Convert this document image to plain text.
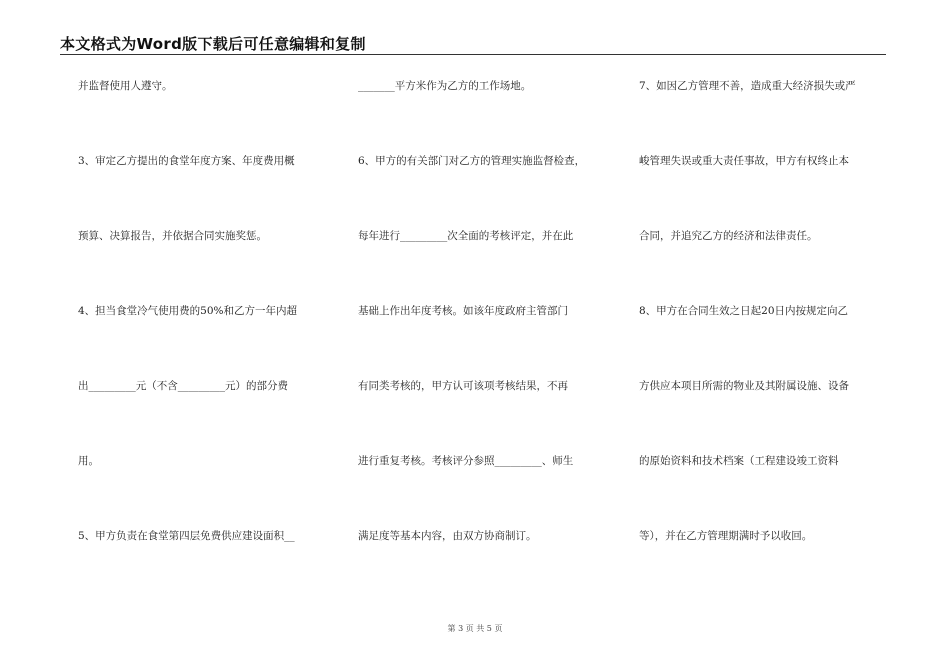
本文格式为Word版下载后可任意编辑和复制
并监督使用人遵守。
3、审定乙方提出的食堂年度方案、年度费用概
预算、决算报告，并依据合同实施奖惩。
4、担当食堂冷气使用费的50%和乙方一年内超
出_________元（不含_________元）的部分费
用。
5、甲方负责在食堂第四层免费供应建设面积__
_______平方米作为乙方的工作场地。
6、甲方的有关部门对乙方的管理实施监督检查，
每年进行_________次全面的考核评定，并在此
基础上作出年度考核。如该年度政府主管部门
有同类考核的，甲方认可该项考核结果，不再
进行重复考核。考核评分参照_________、师生
满足度等基本内容，由双方协商制订。
7、如因乙方管理不善，造成重大经济损失或严
峻管理失误或重大责任事故，甲方有权终止本
合同，并追究乙方的经济和法律责任。
8、甲方在合同生效之日起20日内按规定向乙
方供应本项目所需的物业及其附属设施、设备
的原始资料和技术档案（工程建设竣工资料
等），并在乙方管理期满时予以收回。
第 3 页 共 5 页
